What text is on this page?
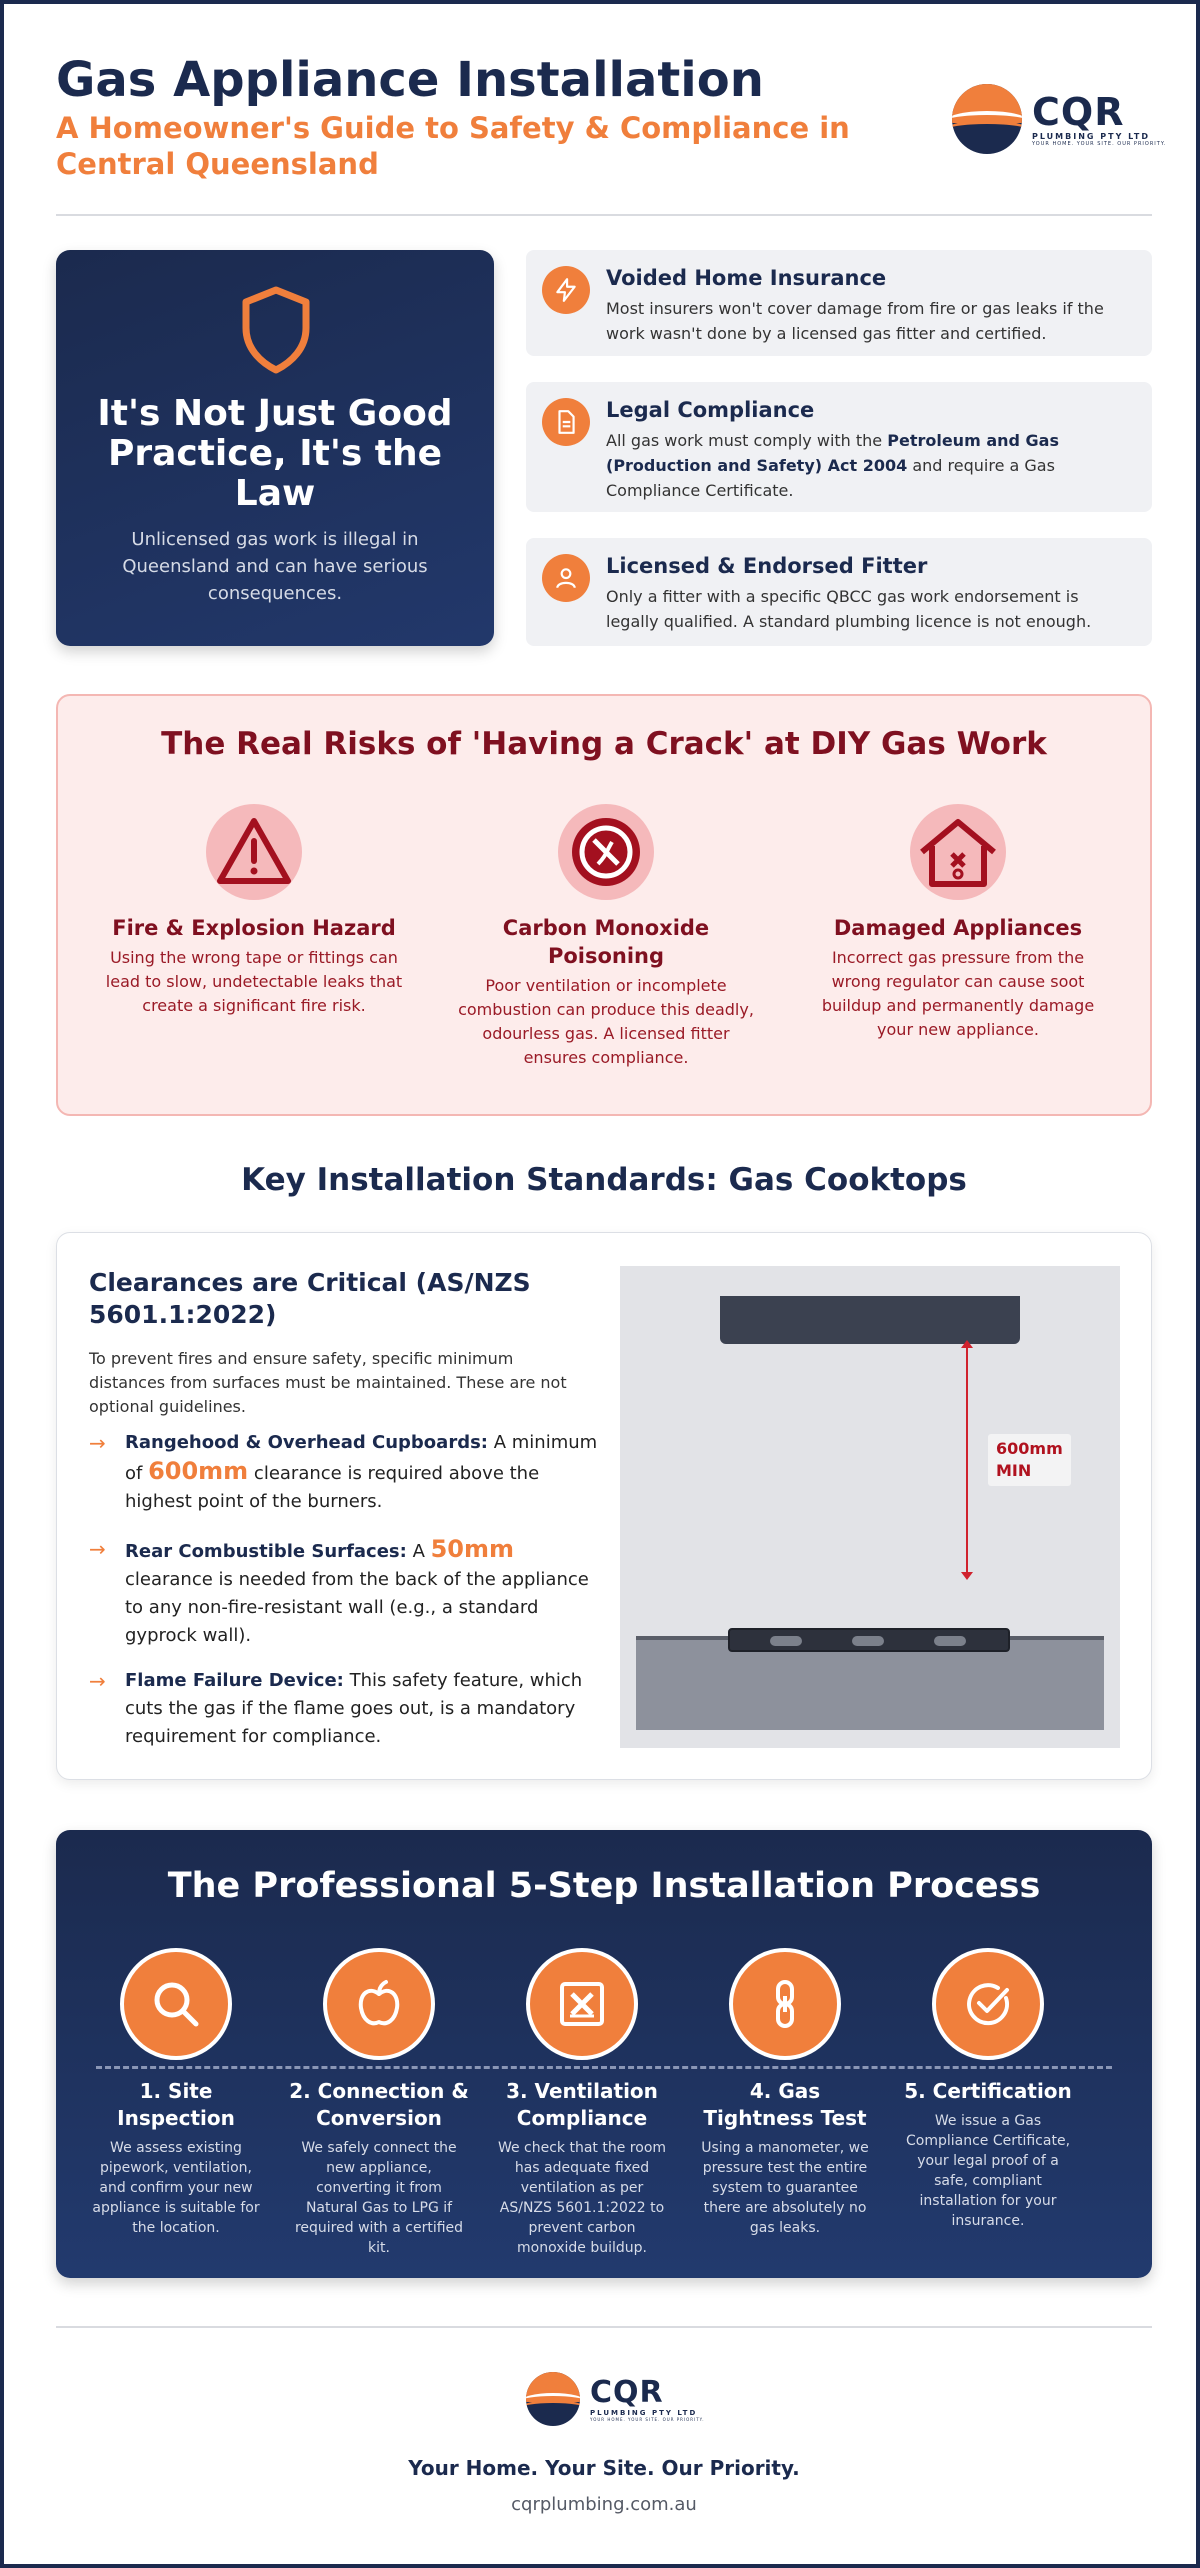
Gas Appliance Installation
A Homeowner's Guide to Safety & Compliance in Central Queensland
CQR
PLUMBING PTY LTD
YOUR HOME. YOUR SITE. OUR PRIORITY.
It's Not Just Good Practice, It's the Law
Unlicensed gas work is illegal in Queensland and can have serious consequences.
Voided Home Insurance
Most insurers won't cover damage from fire or gas leaks if the work wasn't done by a licensed gas fitter and certified.
Legal Compliance
All gas work must comply with the Petroleum and Gas (Production and Safety) Act 2004 and require a Gas Compliance Certificate.
Licensed & Endorsed Fitter
Only a fitter with a specific QBCC gas work endorsement is legally qualified. A standard plumbing licence is not enough.
The Real Risks of 'Having a Crack' at DIY Gas Work
Fire & Explosion Hazard
Using the wrong tape or fittings can lead to slow, undetectable leaks that create a significant fire risk.
Carbon Monoxide Poisoning
Poor ventilation or incomplete combustion can produce this deadly, odourless gas. A licensed fitter ensures compliance.
Damaged Appliances
Incorrect gas pressure from the wrong regulator can cause soot buildup and permanently damage your new appliance.
Key Installation Standards: Gas Cooktops
Clearances are Critical (AS/NZS 5601.1:2022)
To prevent fires and ensure safety, specific minimum distances from surfaces must be maintained. These are not optional guidelines.
→ Rangehood & Overhead Cupboards: A minimum of 600mm clearance is required above the highest point of the burners.
→ Rear Combustible Surfaces: A 50mm clearance is needed from the back of the appliance to any non-fire-resistant wall (e.g., a standard gyprock wall).
→ Flame Failure Device: This safety feature, which cuts the gas if the flame goes out, is a mandatory requirement for compliance.
600mm
MIN
The Professional 5-Step Installation Process
1. Site Inspection
We assess existing pipework, ventilation, and confirm your new appliance is suitable for the location.
2. Connection & Conversion
We safely connect the new appliance, converting it from Natural Gas to LPG if required with a certified kit.
3. Ventilation Compliance
We check that the room has adequate fixed ventilation as per AS/NZS 5601.1:2022 to prevent carbon monoxide buildup.
4. Gas Tightness Test
Using a manometer, we pressure test the entire system to guarantee there are absolutely no gas leaks.
5. Certification
We issue a Gas Compliance Certificate, your legal proof of a safe, compliant installation for your insurance.
CQR
PLUMBING PTY LTD
YOUR HOME. YOUR SITE. OUR PRIORITY.
Your Home. Your Site. Our Priority.
cqrplumbing.com.au
